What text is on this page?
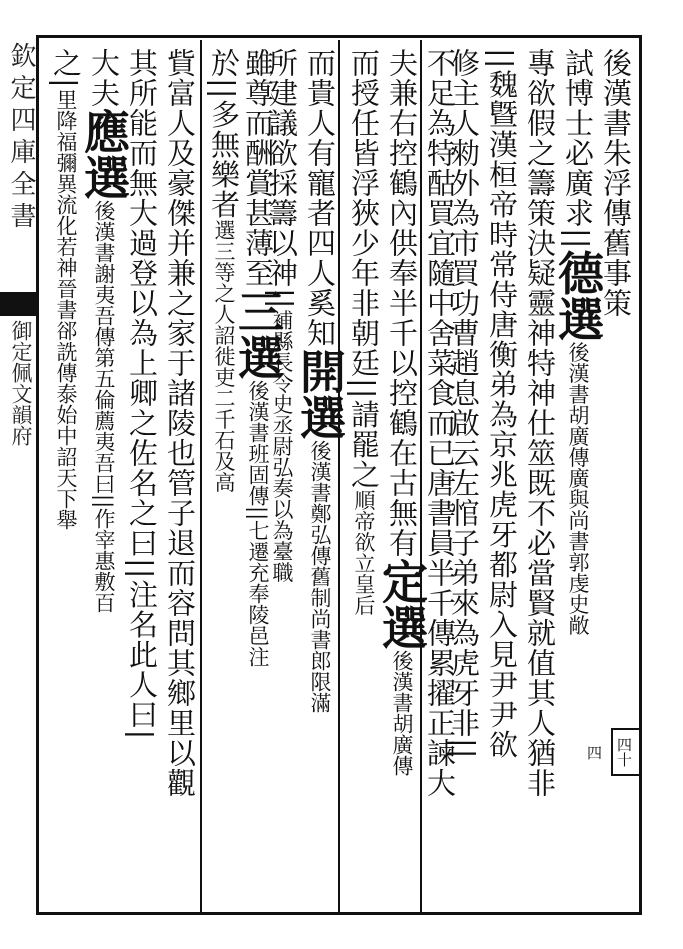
欽定四庫全書
御定佩文韻府
後漢書朱浮傳舊事策
試博士必廣求||德選後漢書胡廣傳廣與尚書郭虔史敞
專欲假之籌策決疑靈神特神仕筮既不必當賢就值其人猶非
||魏曁漢桓帝時常侍唐衡弟為京兆虎牙都尉入見尹尹欲
修主人勑外為市買功曹趙息啟云左悺子弟來為虎牙非||
不足為特酤買宜隨中舍菜食而已唐書員半千傳累擢正諫大
夫兼右控鶴內供奉半千以控鶴在古無有定選後漢書胡廣傳
而授任皆浮狹少年非朝廷||請罷之順帝欲立皇后
而貴人有寵者四人奚知開選後漢書鄭弘傳舊制尚書郎限滿
所建議欲採籌以神||補縣長令史丞尉弘奏以為臺職
雖尊而酬賞甚薄至三選後漢書班固傳||七遷充奉陵邑注
於||多無樂者選三等之人詔徙吏二千石及高
貲富人及豪傑并兼之家于諸陵也管子退而容問其鄉里以觀
其所能而無大過登以為上卿之佐名之曰||注名此人曰|
大夫應選後漢書謝夷吾傳第五倫薦夷吾曰||作宰惠敷百
之|里降福彌異流化若神晉書郤詵傳泰始中詔天下舉
四十四
